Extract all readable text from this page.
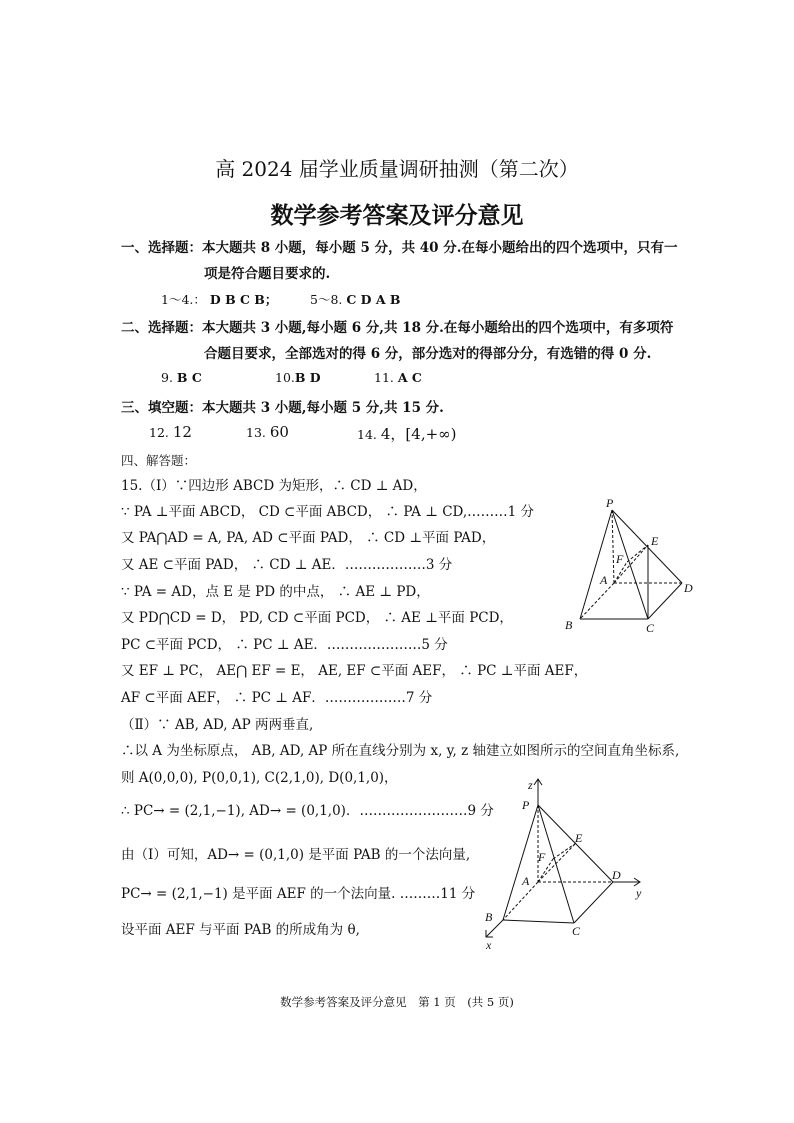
高 2024 届学业质量调研抽测（第二次）
数学参考答案及评分意见
一、选择题：本大题共 8 小题，每小题 5 分，共 40 分.在每小题给出的四个选项中，只有一
项是符合题目要求的.
1～4.： D B C B；	5～8. C D A B
二、选择题：本大题共 3 小题,每小题 6 分,共 18 分.在每小题给出的四个选项中，有多项符
合题目要求，全部选对的得 6 分，部分选对的得部分分，有选错的得 0 分.
9. B C	10.B D	11. A C
三、填空题：本大题共 3 小题,每小题 5 分,共 15 分.
12. 12	13. 60	14. 4，[4,+∞)
四、解答题：
15.（Ⅰ）∵四边形 ABCD 为矩形，∴ CD ⊥ AD，
∵ PA ⊥平面 ABCD， CD ⊂平面 ABCD， ∴ PA ⊥ CD,………1 分
又 PA⋂AD = A, PA, AD ⊂平面 PAD， ∴ CD ⊥平面 PAD，
又 AE ⊂平面 PAD， ∴ CD ⊥ AE．………………3 分
∵ PA = AD，点 E 是 PD 的中点， ∴ AE ⊥ PD，
又 PD⋂CD = D， PD, CD ⊂平面 PCD， ∴ AE ⊥平面 PCD，
PC ⊂平面 PCD， ∴ PC ⊥ AE．…………………5 分
又 EF ⊥ PC， AE⋂ EF = E， AE, EF ⊂平面 AEF， ∴ PC ⊥平面 AEF，
AF ⊂平面 AEF， ∴ PC ⊥ AF．………………7 分
（Ⅱ）∵ AB, AD, AP 两两垂直,
∴以 A 为坐标原点， AB, AD, AP 所在直线分别为 x, y, z 轴建立如图所示的空间直角坐标系,
则 A(0,0,0), P(0,0,1), C(2,1,0), D(0,1,0)，
∴ PC→ = (2,1,−1), AD→ = (0,1,0)．……………………9 分
由（Ⅰ）可知，AD→ = (0,1,0) 是平面 PAB 的一个法向量,
PC→ = (2,1,−1) 是平面 AEF 的一个法向量. ………11 分
设平面 AEF 与平面 PAB 的所成角为 θ,
P
E
F
A
D
B	C
z
P
E
F
A	D
y
B
C
x
数学参考答案及评分意见　第 1 页　(共 5 页)
